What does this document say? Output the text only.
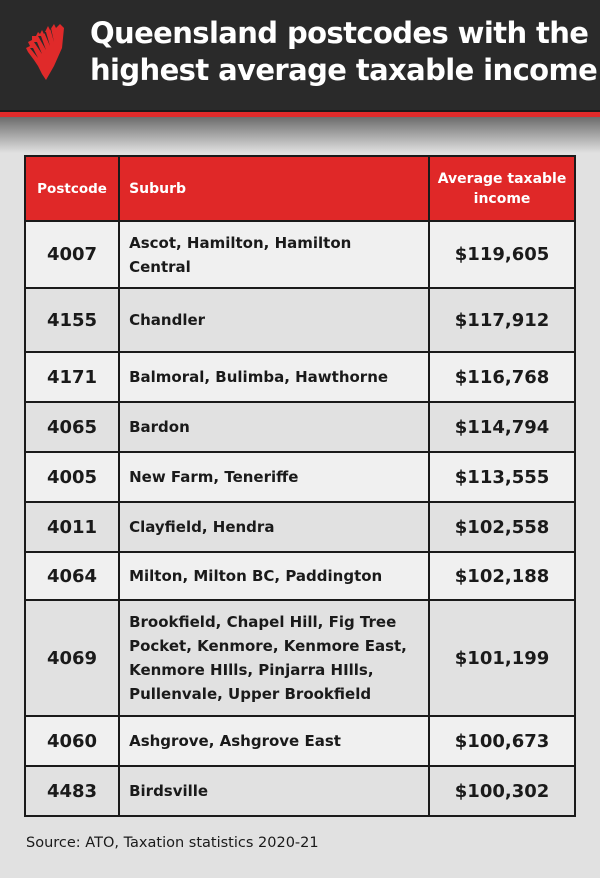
Queensland postcodes with the
highest average taxable income
Postcode	Suburb	Average taxable income
4007	Ascot, Hamilton, Hamilton Central	$119,605
4155	Chandler	$117,912
4171	Balmoral, Bulimba, Hawthorne	$116,768
4065	Bardon	$114,794
4005	New Farm, Teneriffe	$113,555
4011	Clayfield, Hendra	$102,558
4064	Milton, Milton BC, Paddington	$102,188
4069	Brookfield, Chapel Hill, Fig Tree Pocket, Kenmore, Kenmore East, Kenmore HIlls, Pinjarra HIlls, Pullenvale, Upper Brookfield	$101,199
4060	Ashgrove, Ashgrove East	$100,673
4483	Birdsville	$100,302
Source: ATO, Taxation statistics 2020-21
